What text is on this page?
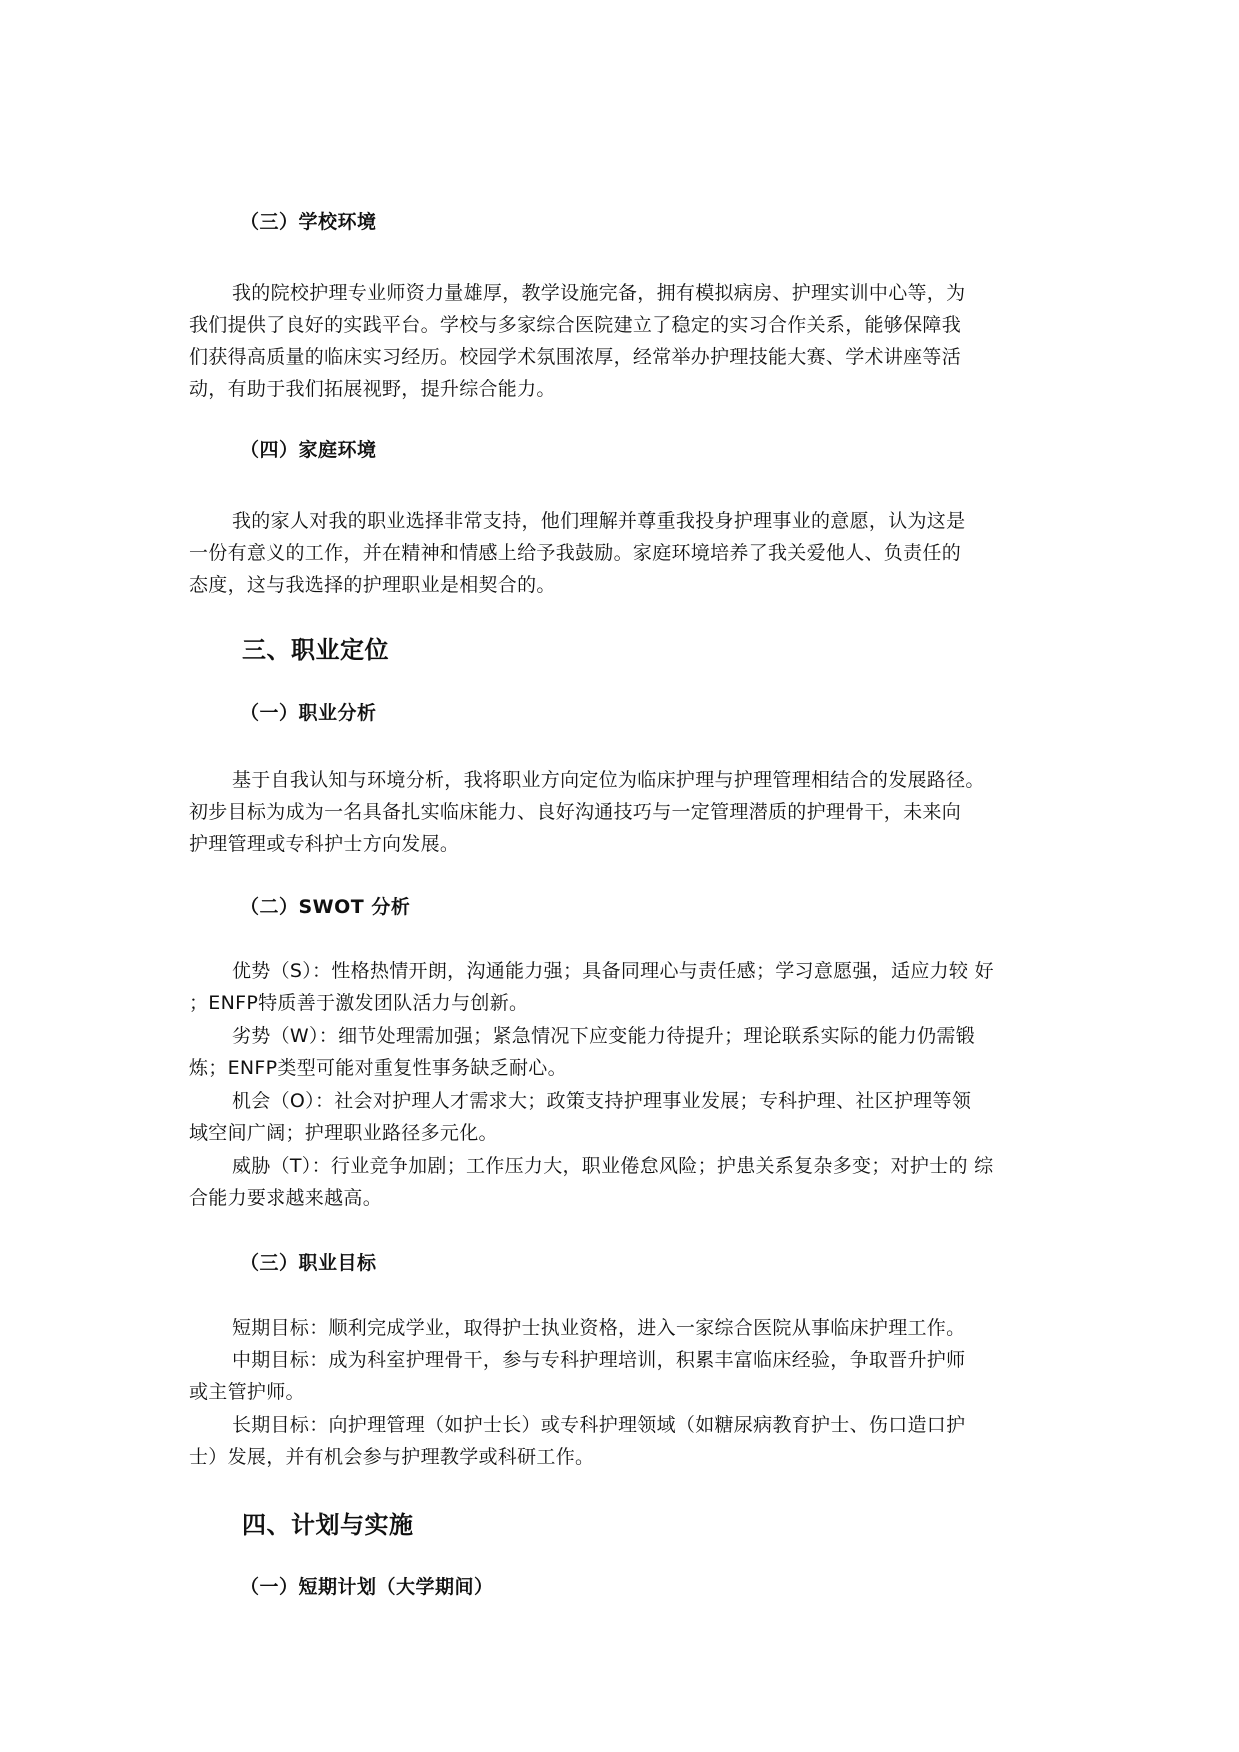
（三）学校环境
我的院校护理专业师资力量雄厚，教学设施完备，拥有模拟病房、护理实训中心等，为
我们提供了良好的实践平台。学校与多家综合医院建立了稳定的实习合作关系，能够保障我
们获得高质量的临床实习经历。校园学术氛围浓厚，经常举办护理技能大赛、学术讲座等活
动，有助于我们拓展视野，提升综合能力。
（四）家庭环境
我的家人对我的职业选择非常支持，他们理解并尊重我投身护理事业的意愿，认为这是
一份有意义的工作，并在精神和情感上给予我鼓励。家庭环境培养了我关爱他人、负责任的
态度，这与我选择的护理职业是相契合的。
三、职业定位
（一）职业分析
基于自我认知与环境分析，我将职业方向定位为临床护理与护理管理相结合的发展路径。
初步目标为成为一名具备扎实临床能力、良好沟通技巧与一定管理潜质的护理骨干，未来向
护理管理或专科护士方向发展。
（二）SWOT 分析
优势（S）：性格热情开朗，沟通能力强；具备同理心与责任感；学习意愿强，适应力较 好
；ENFP特质善于激发团队活力与创新。
劣势（W）：细节处理需加强；紧急情况下应变能力待提升；理论联系实际的能力仍需锻
炼；ENFP类型可能对重复性事务缺乏耐心。
机会（O）：社会对护理人才需求大；政策支持护理事业发展；专科护理、社区护理等领
域空间广阔；护理职业路径多元化。
威胁（T）：行业竞争加剧；工作压力大，职业倦怠风险；护患关系复杂多变；对护士的 综
合能力要求越来越高。
（三）职业目标
短期目标：顺利完成学业，取得护士执业资格，进入一家综合医院从事临床护理工作。
中期目标：成为科室护理骨干，参与专科护理培训，积累丰富临床经验，争取晋升护师
或主管护师。
长期目标：向护理管理（如护士长）或专科护理领域（如糖尿病教育护士、伤口造口护
士）发展，并有机会参与护理教学或科研工作。
四、计划与实施
（一）短期计划（大学期间）
